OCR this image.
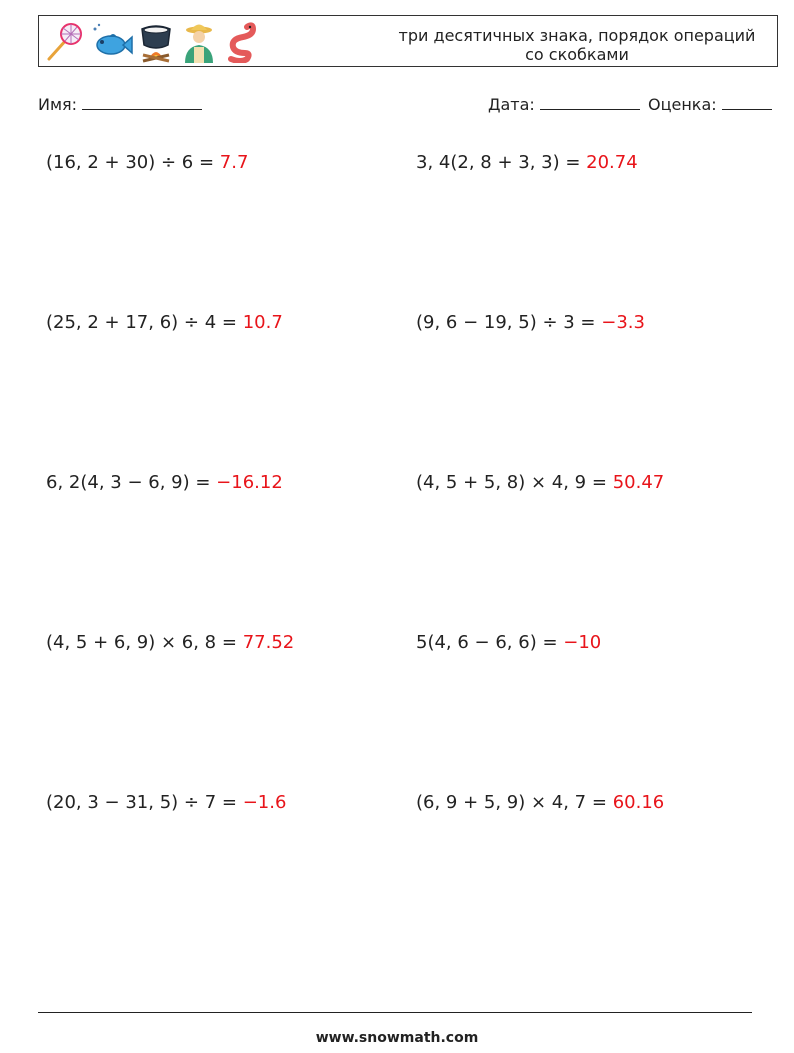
три десятичных знака, порядок операций
со скобками
Имя:	Дата:	Оценка:
(16, 2 + 30) ÷ 6 = 7.7	3, 4(2, 8 + 3, 3) = 20.74
(25, 2 + 17, 6) ÷ 4 = 10.7	(9, 6 − 19, 5) ÷ 3 = −3.3
6, 2(4, 3 − 6, 9) = −16.12	(4, 5 + 5, 8) × 4, 9 = 50.47
(4, 5 + 6, 9) × 6, 8 = 77.52	5(4, 6 − 6, 6) = −10
(20, 3 − 31, 5) ÷ 7 = −1.6	(6, 9 + 5, 9) × 4, 7 = 60.16
www.snowmath.com
